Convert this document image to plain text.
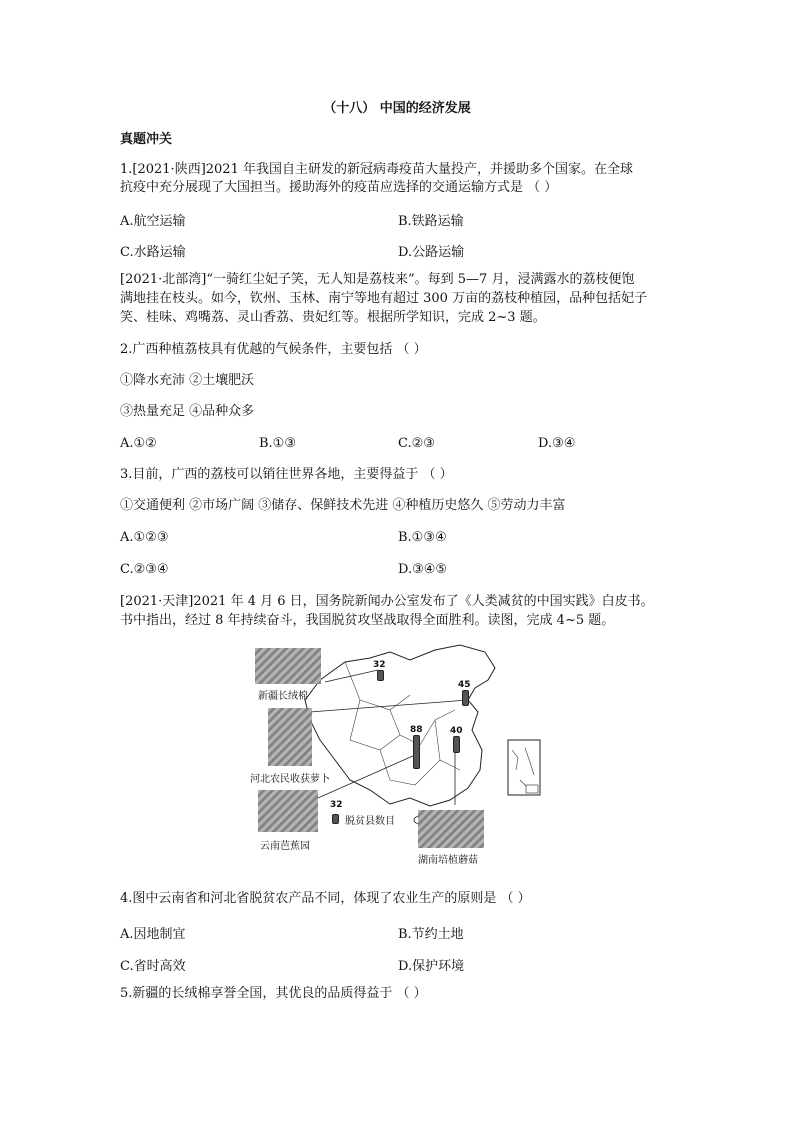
（十八） 中国的经济发展
真题冲关
1.[2021·陕西]2021 年我国自主研发的新冠病毒疫苗大量投产，并援助多个国家。在全球
抗疫中充分展现了大国担当。援助海外的疫苗应选择的交通运输方式是 （ ）
A.航空运输	B.铁路运输
C.水路运输	D.公路运输
[2021·北部湾]“一骑红尘妃子笑，无人知是荔枝来”。每到 5—7 月，浸满露水的荔枝便饱
满地挂在枝头。如今，钦州、玉林、南宁等地有超过 300 万亩的荔枝种植园，品种包括妃子
笑、桂味、鸡嘴荔、灵山香荔、贵妃红等。根据所学知识，完成 2~3 题。
2.广西种植荔枝具有优越的气候条件，主要包括 （ ）
①降水充沛 ②土壤肥沃
③热量充足 ④品种众多
A.①②	B.①③	C.②③	D.③④
3.目前，广西的荔枝可以销往世界各地，主要得益于 （ ）
①交通便利 ②市场广阔 ③储存、保鲜技术先进 ④种植历史悠久 ⑤劳动力丰富
A.①②③	B.①③④
C.②③④	D.③④⑤
[2021·天津]2021 年 4 月 6 日，国务院新闻办公室发布了《人类减贫的中国实践》白皮书。
书中指出，经过 8 年持续奋斗，我国脱贫攻坚战取得全面胜利。读图，完成 4~5 题。
新疆长绒棉
河北农民收获萝卜
云南芭蕉园
湖南培植蘑菇
32
45
88	40
32
脱贫县数目
4.图中云南省和河北省脱贫农产品不同，体现了农业生产的原则是 （ ）
A.因地制宜	B.节约土地
C.省时高效	D.保护环境
5.新疆的长绒棉享誉全国，其优良的品质得益于 （ ）
